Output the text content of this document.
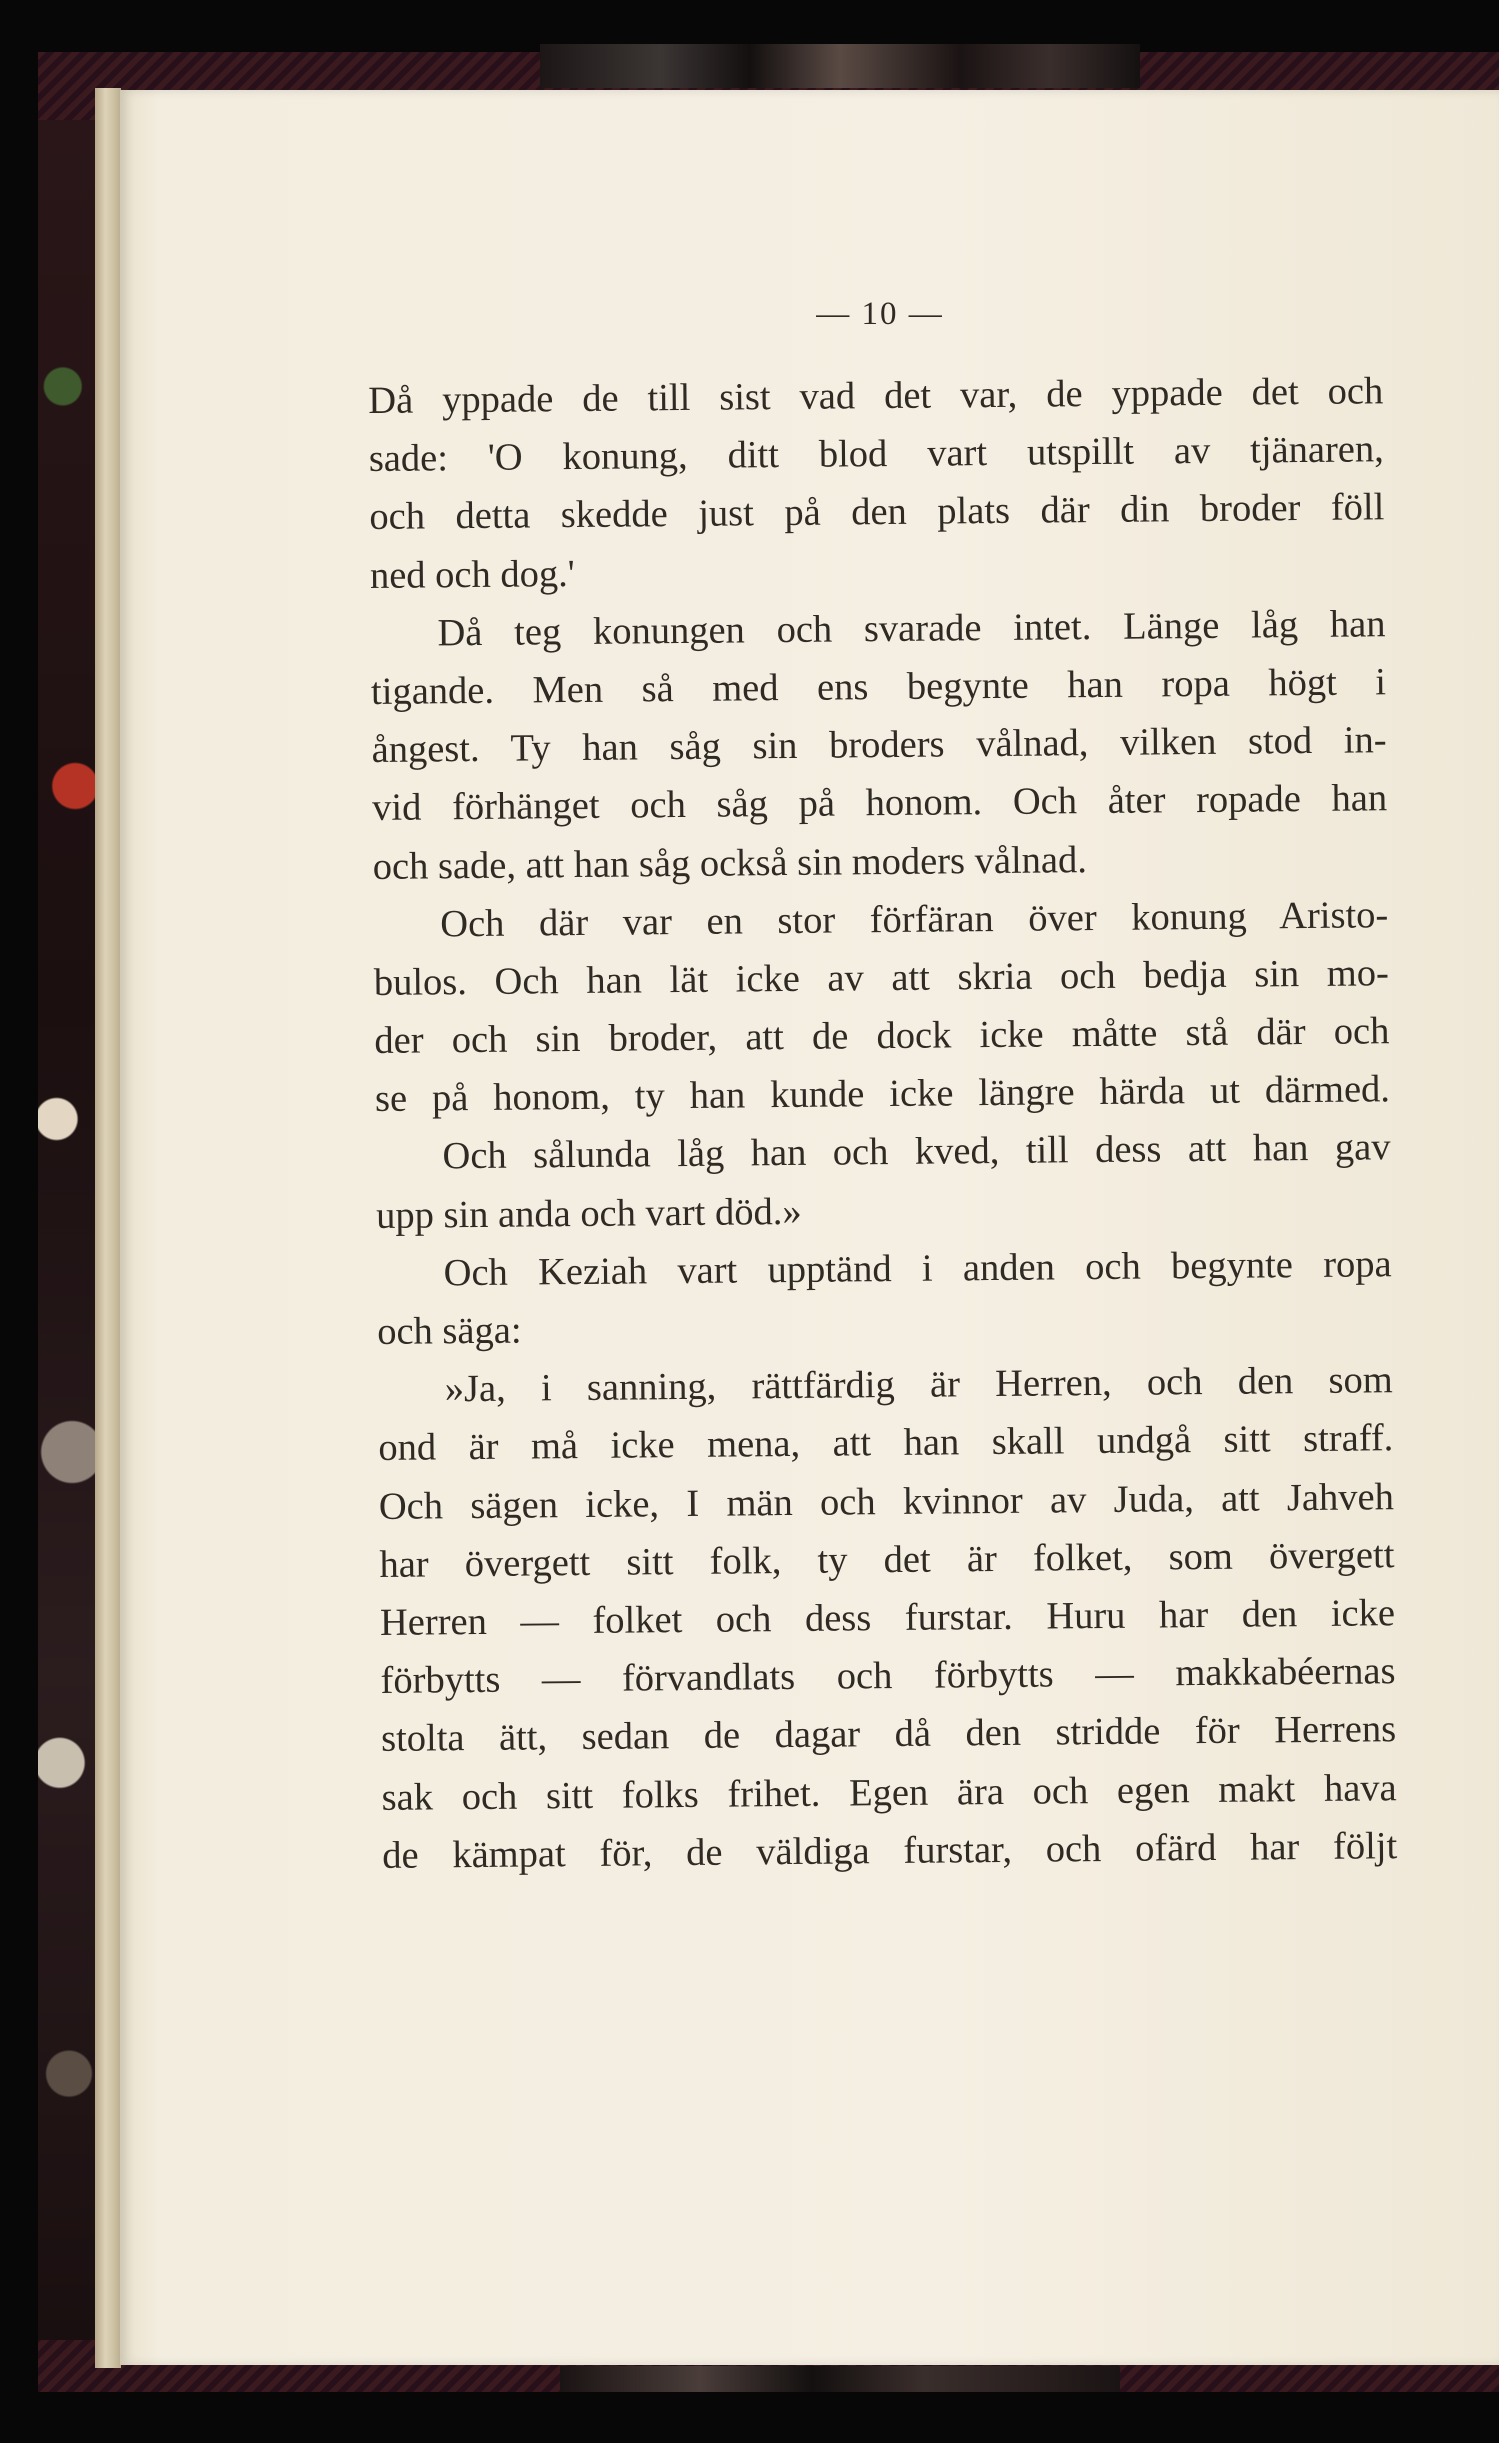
— 10 —
Då yppade de till sist vad det var, de yppade det och
sade: 'O konung, ditt blod vart utspillt av tjänaren,
och detta skedde just på den plats där din broder föll
ned och dog.'
Då teg konungen och svarade intet. Länge låg han
tigande. Men så med ens begynte han ropa högt i
ångest. Ty han såg sin broders vålnad, vilken stod in-
vid förhänget och såg på honom. Och åter ropade han
och sade, att han såg också sin moders vålnad.
Och där var en stor förfäran över konung Aristo-
bulos. Och han lät icke av att skria och bedja sin mo-
der och sin broder, att de dock icke måtte stå där och
se på honom, ty han kunde icke längre härda ut därmed.
Och sålunda låg han och kved, till dess att han gav
upp sin anda och vart död.»
Och Keziah vart upptänd i anden och begynte ropa
och säga:
»Ja, i sanning, rättfärdig är Herren, och den som
ond är må icke mena, att han skall undgå sitt straff.
Och sägen icke, I män och kvinnor av Juda, att Jahveh
har övergett sitt folk, ty det är folket, som övergett
Herren — folket och dess furstar. Huru har den icke
förbytts — förvandlats och förbytts — makkabéernas
stolta ätt, sedan de dagar då den stridde för Herrens
sak och sitt folks frihet. Egen ära och egen makt hava
de kämpat för, de väldiga furstar, och ofärd har följt
